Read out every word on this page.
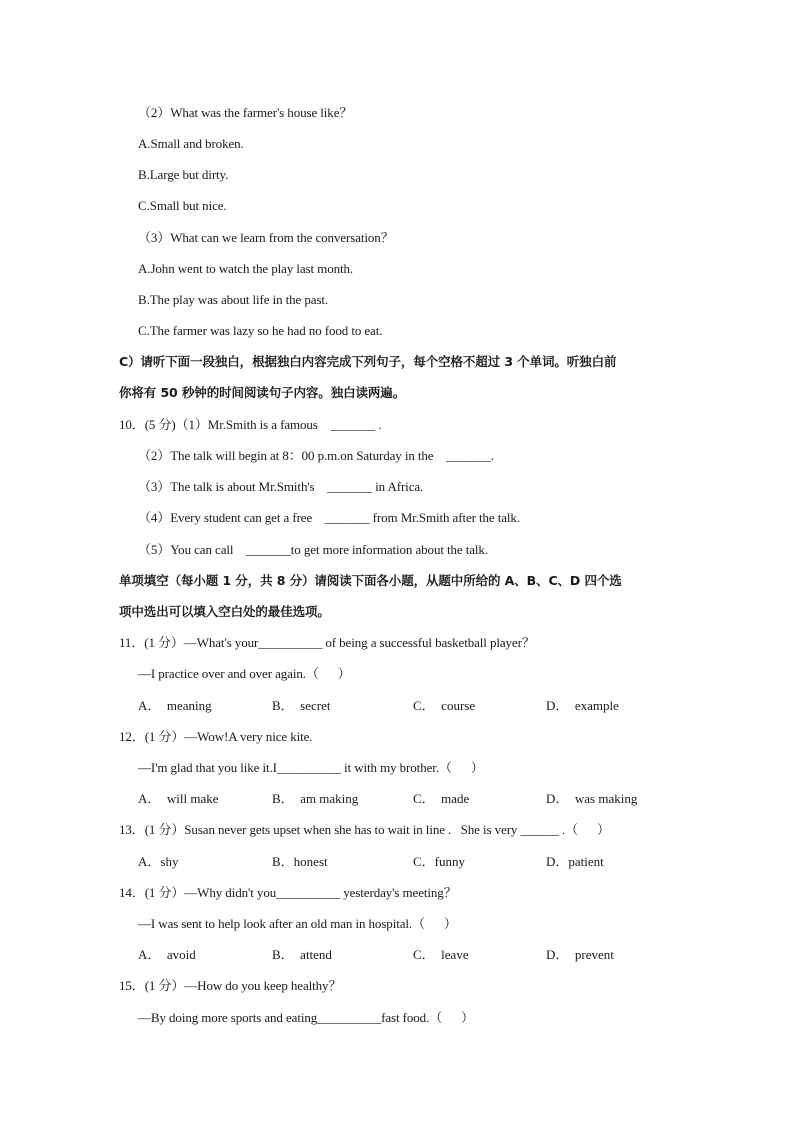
（2）What was the farmer's house like？
A.Small and broken.
B.Large but dirty.
C.Small but nice.
（3）What can we learn from the conversation？
A.John went to watch the play last month.
B.The play was about life in the past.
C.The farmer was lazy so he had no food to eat.
C）请听下面一段独白，根据独白内容完成下列句子，每个空格不超过 3 个单词。听独白前
你将有 50 秒钟的时间阅读句子内容。独白读两遍。
10．(5 分)（1）Mr.Smith is a famous    _______ .
（2）The talk will begin at 8：00 p.m.on Saturday in the    _______.
（3）The talk is about Mr.Smith's    _______ in Africa.
（4）Every student can get a free    _______ from Mr.Smith after the talk.
（5）You can call    _______to get more information about the talk.
单项填空（每小题 1 分，共 8 分）请阅读下面各小题，从题中所给的 A、B、C、D 四个选
项中选出可以填入空白处的最佳选项。
11．(1 分）—What's your__________ of being a successful basketball player？
—I practice over and over again.（      ）
A．  meaning	B．  secret	C．  course	D．  example
12．(1 分）—Wow!A very nice kite.
—I'm glad that you like it.I__________ it with my brother.（      ）
A．  will make	B．  am making	C．  made	D．  was making
13．(1 分）Susan never gets upset when she has to wait in line .   She is very ______ .（      ）
A．shy	B．honest	C．funny	D．patient
14．(1 分）—Why didn't you__________ yesterday's meeting？
—I was sent to help look after an old man in hospital.（      ）
A．  avoid	B．  attend	C．  leave	D．  prevent
15．(1 分）—How do you keep healthy？
—By doing more sports and eating__________fast food.（      ）
